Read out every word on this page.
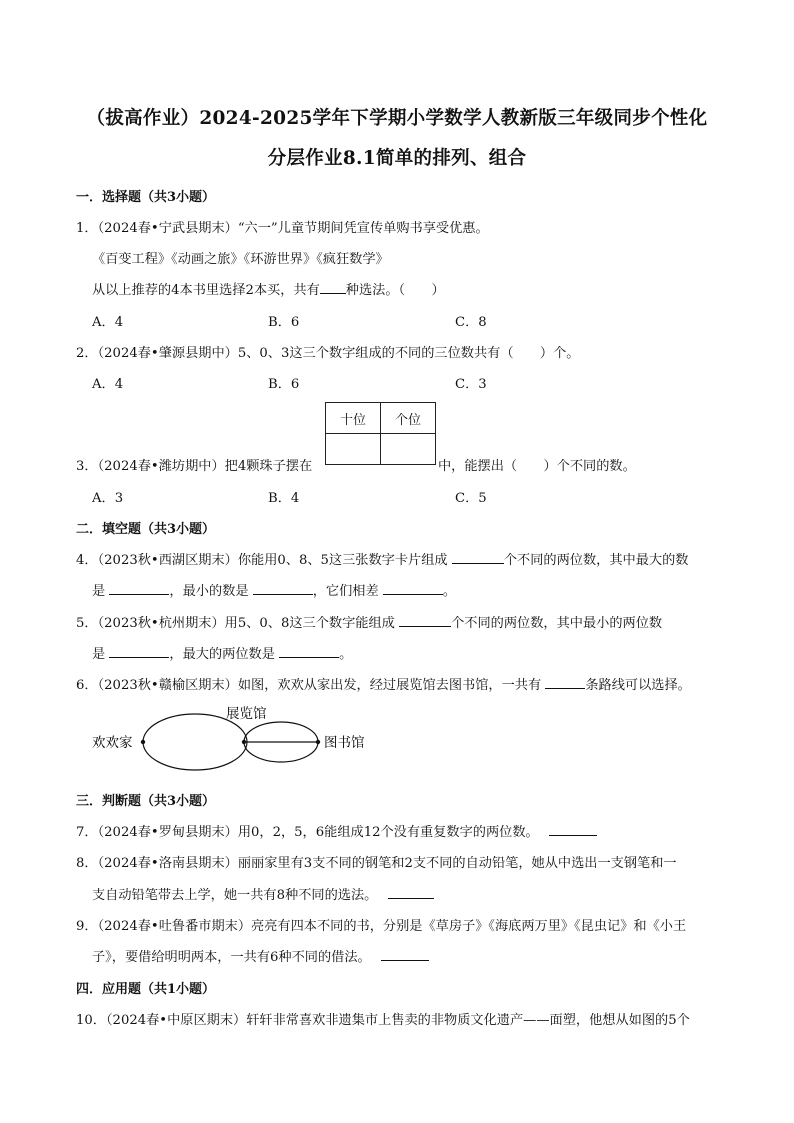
（拔高作业）2024-2025学年下学期小学数学人教新版三年级同步个性化
分层作业8.1简单的排列、组合
一．选择题（共3小题）
1．（2024春•宁武县期末）“六一”儿童节期间凭宣传单购书享受优惠。
《百变工程》《动画之旅》《环游世界》《疯狂数学》
从以上推荐的4本书里选择2本买，共有 种选法。（　　）
A．4	B．6	C．8
2．（2024春•肇源县期中）5、0、3这三个数字组成的不同的三位数共有（　　）个。
A．4	B．6	C．3
十位	个位

3．（2024春•潍坊期中）把4颗珠子摆在	中，能摆出（　　）个不同的数。
A．3	B．4	C．5
二．填空题（共3小题）
4．（2023秋•西湖区期末）你能用0、8、5这三张数字卡片组成	个不同的两位数，其中最大的数
是	，最小的数是	，它们相差	。
5．（2023秋•杭州期末）用5、0、8这三个数字能组成	个不同的两位数，其中最小的两位数
是	，最大的两位数是	。
6．（2023秋•赣榆区期末）如图，欢欢从家出发，经过展览馆去图书馆，一共有	条路线可以选择。
欢欢家
展览馆
图书馆
三．判断题（共3小题）
7．（2024春•罗甸县期末）用0，2，5，6能组成12个没有重复数字的两位数。
8．（2024春•洛南县期末）丽丽家里有3支不同的钢笔和2支不同的自动铅笔，她从中选出一支钢笔和一
支自动铅笔带去上学，她一共有8种不同的选法。
9．（2024春•吐鲁番市期末）亮亮有四本不同的书，分别是《草房子》《海底两万里》《昆虫记》和《小王
子》，要借给明明两本，一共有6种不同的借法。
四．应用题（共1小题）
10．（2024春•中原区期末）轩轩非常喜欢非遗集市上售卖的非物质文化遗产——面塑，他想从如图的5个
